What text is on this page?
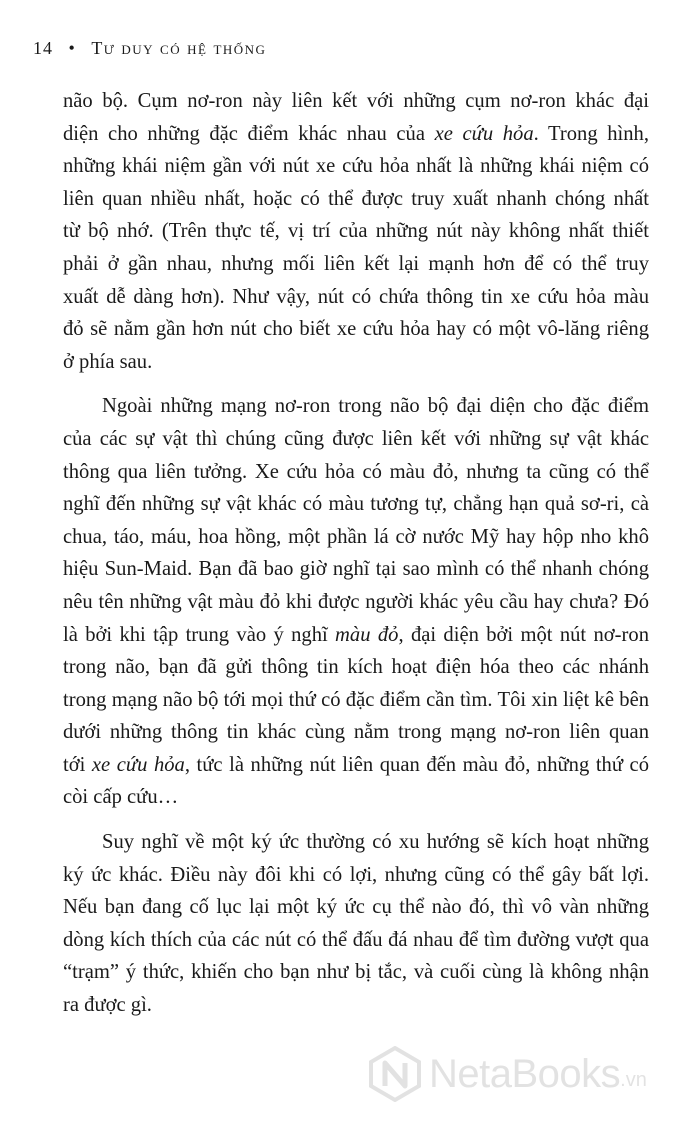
14 • Tư duy có hệ thống
não bộ. Cụm nơ-ron này liên kết với những cụm nơ-ron khác đại
diện cho những đặc điểm khác nhau của xe cứu hỏa. Trong hình,
những khái niệm gần với nút xe cứu hỏa nhất là những khái niệm có
liên quan nhiều nhất, hoặc có thể được truy xuất nhanh chóng nhất
từ bộ nhớ. (Trên thực tế, vị trí của những nút này không nhất thiết
phải ở gần nhau, nhưng mối liên kết lại mạnh hơn để có thể truy
xuất dễ dàng hơn). Như vậy, nút có chứa thông tin xe cứu hỏa màu
đỏ sẽ nằm gần hơn nút cho biết xe cứu hỏa hay có một vô-lăng riêng
ở phía sau.
Ngoài những mạng nơ-ron trong não bộ đại diện cho đặc điểm
của các sự vật thì chúng cũng được liên kết với những sự vật khác
thông qua liên tưởng. Xe cứu hỏa có màu đỏ, nhưng ta cũng có thể
nghĩ đến những sự vật khác có màu tương tự, chẳng hạn quả sơ-ri, cà
chua, táo, máu, hoa hồng, một phần lá cờ nước Mỹ hay hộp nho khô
hiệu Sun-Maid. Bạn đã bao giờ nghĩ tại sao mình có thể nhanh chóng
nêu tên những vật màu đỏ khi được người khác yêu cầu hay chưa? Đó
là bởi khi tập trung vào ý nghĩ màu đỏ, đại diện bởi một nút nơ-ron
trong não, bạn đã gửi thông tin kích hoạt điện hóa theo các nhánh
trong mạng não bộ tới mọi thứ có đặc điểm cần tìm. Tôi xin liệt kê bên
dưới những thông tin khác cùng nằm trong mạng nơ-ron liên quan
tới xe cứu hỏa, tức là những nút liên quan đến màu đỏ, những thứ có
còi cấp cứu…
Suy nghĩ về một ký ức thường có xu hướng sẽ kích hoạt những
ký ức khác. Điều này đôi khi có lợi, nhưng cũng có thể gây bất lợi.
Nếu bạn đang cố lục lại một ký ức cụ thể nào đó, thì vô vàn những
dòng kích thích của các nút có thể đấu đá nhau để tìm đường vượt qua
“trạm” ý thức, khiến cho bạn như bị tắc, và cuối cùng là không nhận
ra được gì.
NetaBooks .vn
